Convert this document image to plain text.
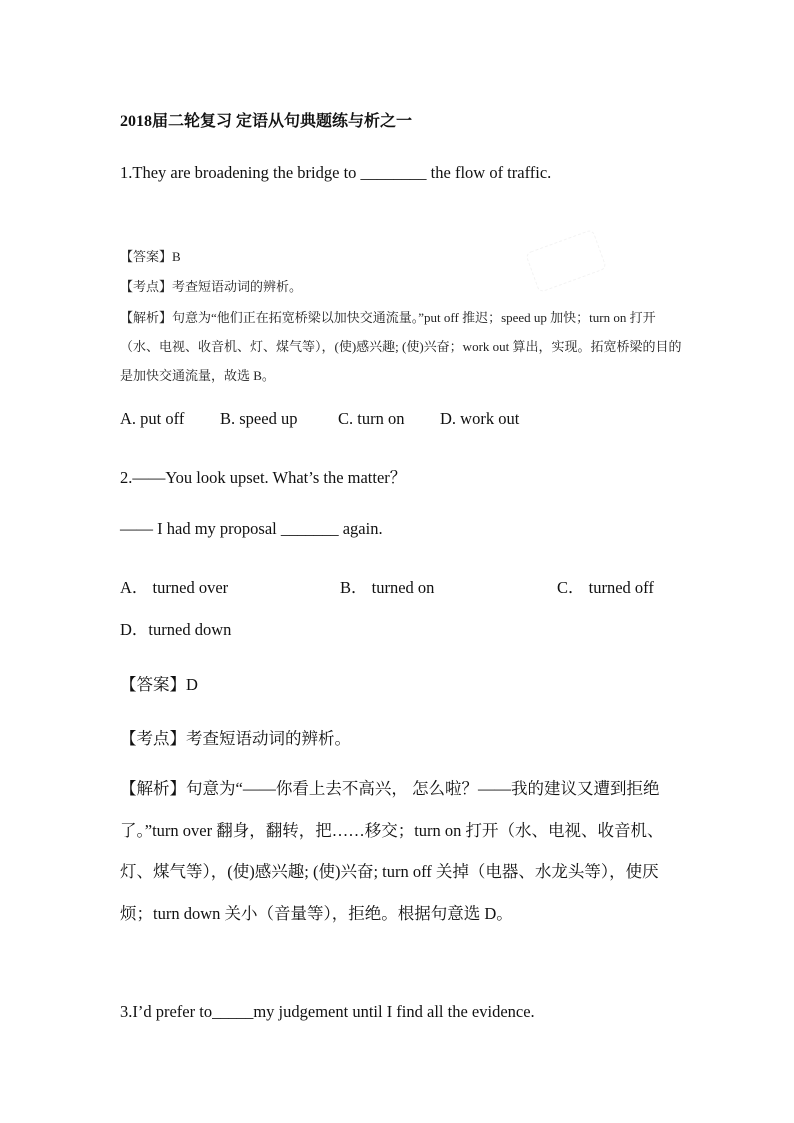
2018届二轮复习 定语从句典题练与析之一
1.They are broadening the bridge to ________ the flow of traffic.
【答案】B
【考点】考查短语动词的辨析。
【解析】句意为“他们正在拓宽桥梁以加快交通流量。”put off 推迟；speed up 加快；turn on 打开（水、电视、收音机、灯、煤气等），(使)感兴趣; (使)兴奋；work out 算出，实现。拓宽桥梁的目的是加快交通流量，故选 B。
A. put off B. speed up C. turn on D. work out
2.——You look upset. What’s the matter？
—— I had my proposal _______ again.
A． turned over	B． turned on	C． turned off
D．turned down
【答案】D
【考点】考查短语动词的辨析。
【解析】句意为“——你看上去不高兴， 怎么啦？——我的建议又遭到拒绝了。”turn over 翻身，翻转，把……移交；turn on 打开（水、电视、收音机、灯、煤气等），(使)感兴趣; (使)兴奋; turn off 关掉（电器、水龙头等），使厌烦；turn down 关小（音量等），拒绝。根据句意选 D。
3.I’d prefer to_____my judgement until I find all the evidence.
